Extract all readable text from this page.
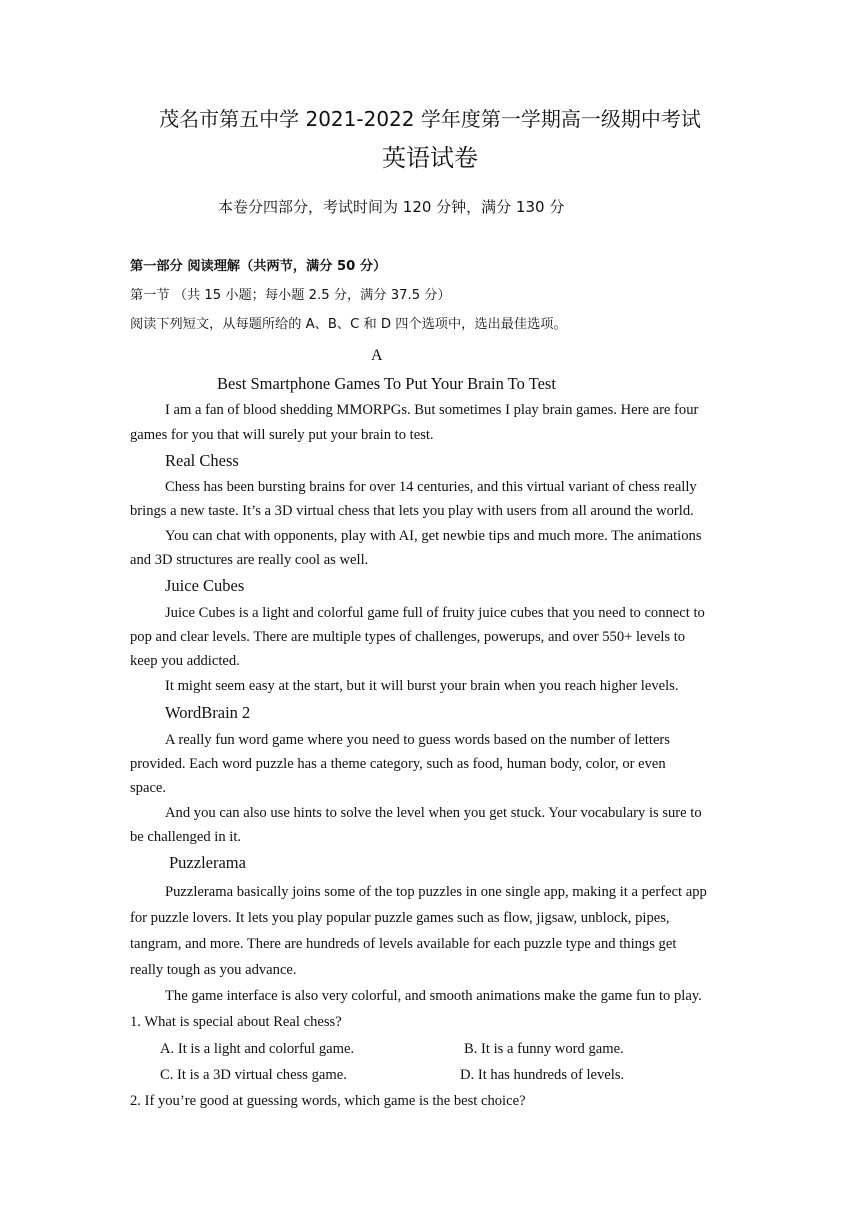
茂名市第五中学 2021-2022 学年度第一学期高一级期中考试
英语试卷
本卷分四部分，考试时间为 120 分钟，满分 130 分
第一部分 阅读理解（共两节，满分 50 分）
第一节 （共 15 小题；每小题 2.5 分，满分 37.5 分）
阅读下列短文，从每题所给的 A、B、C 和 D 四个选项中，选出最佳选项。
A
Best Smartphone Games To Put Your Brain To Test
I am a fan of blood shedding MMORPGs. But sometimes I play brain games. Here are four
games for you that will surely put your brain to test.
Real Chess
Chess has been bursting brains for over 14 centuries, and this virtual variant of chess really
brings a new taste. It’s a 3D virtual chess that lets you play with users from all around the world.
You can chat with opponents, play with AI, get newbie tips and much more. The animations
and 3D structures are really cool as well.
Juice Cubes
Juice Cubes is a light and colorful game full of fruity juice cubes that you need to connect to
pop and clear levels. There are multiple types of challenges, powerups, and over 550+ levels to
keep you addicted.
It might seem easy at the start, but it will burst your brain when you reach higher levels.
WordBrain 2
A really fun word game where you need to guess words based on the number of letters
provided. Each word puzzle has a theme category, such as food, human body, color, or even
space.
And you can also use hints to solve the level when you get stuck. Your vocabulary is sure to
be challenged in it.
Puzzlerama
Puzzlerama basically joins some of the top puzzles in one single app, making it a perfect app
for puzzle lovers. It lets you play popular puzzle games such as flow, jigsaw, unblock, pipes,
tangram, and more. There are hundreds of levels available for each puzzle type and things get
really tough as you advance.
The game interface is also very colorful, and smooth animations make the game fun to play.
1. What is special about Real chess?
A. It is a light and colorful game.	B. It is a funny word game.
C. It is a 3D virtual chess game.	D. It has hundreds of levels.
2. If you’re good at guessing words, which game is the best choice?
